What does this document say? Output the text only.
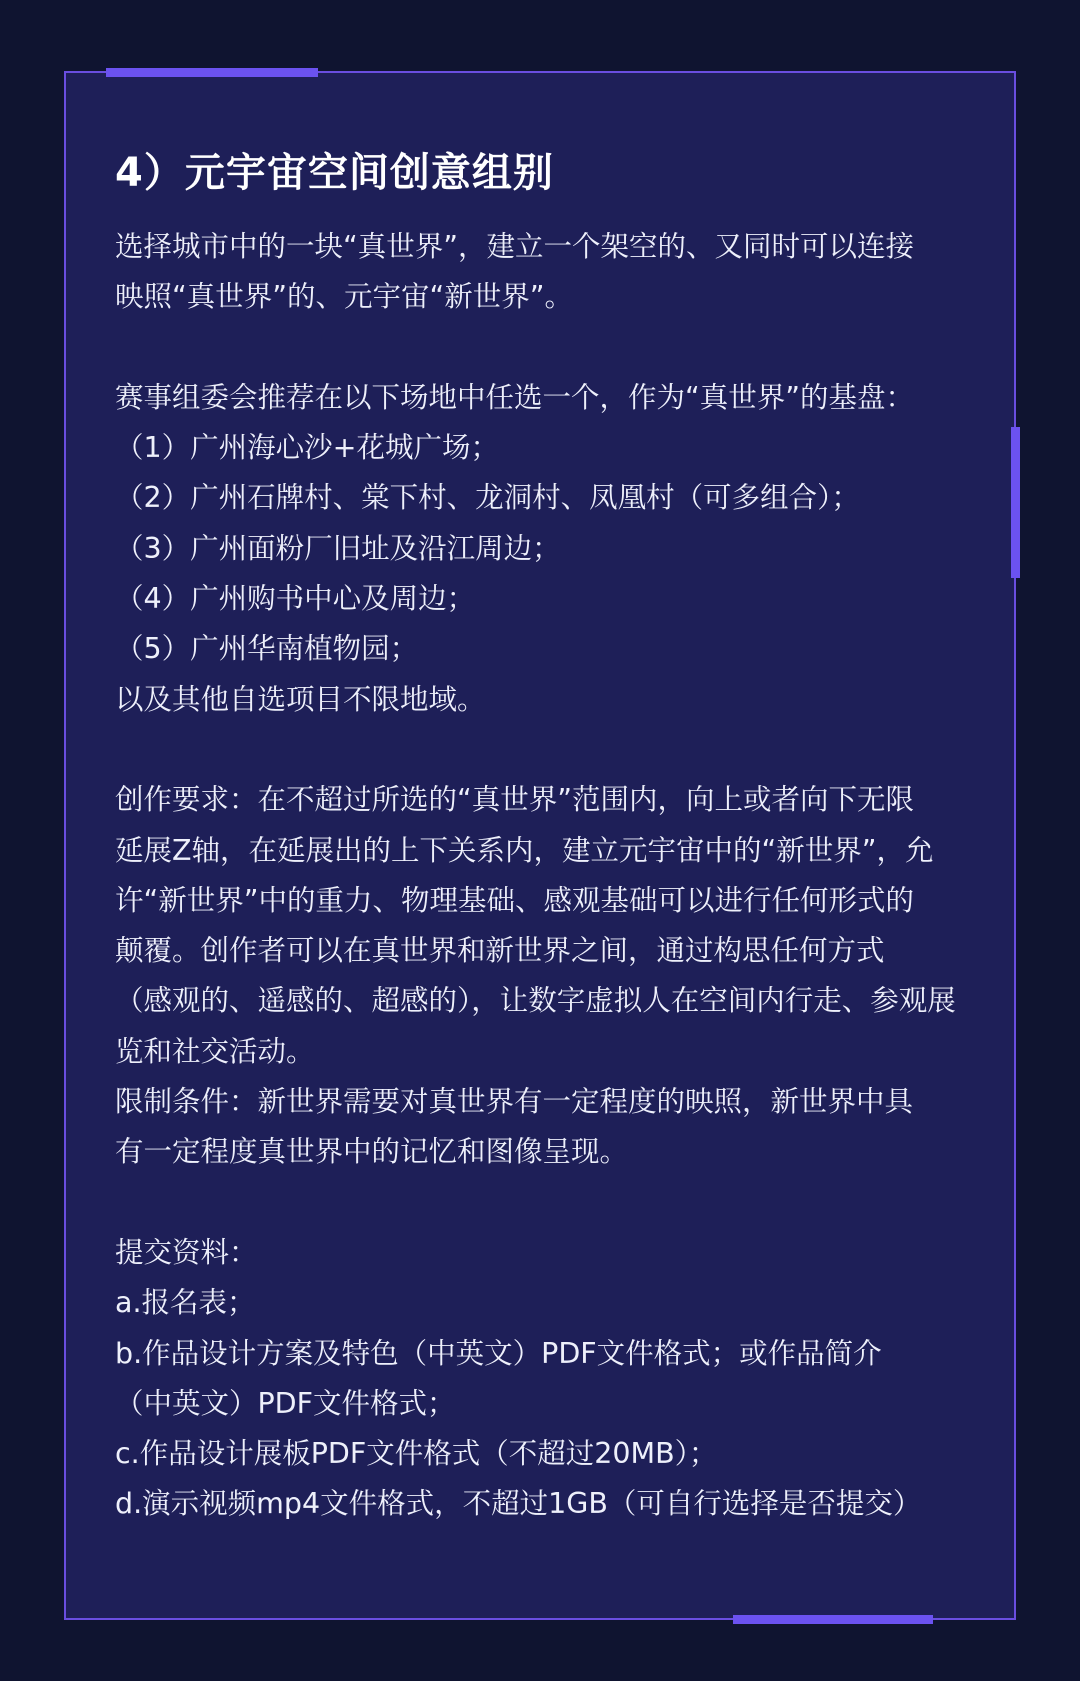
4）元宇宙空间创意组别
选择城市中的一块“真世界”，建立一个架空的、又同时可以连接
映照“真世界”的、元宇宙“新世界”。
赛事组委会推荐在以下场地中任选一个，作为“真世界”的基盘：
（1）广州海心沙+花城广场；
（2）广州石牌村、棠下村、龙洞村、凤凰村（可多组合）；
（3）广州面粉厂旧址及沿江周边；
（4）广州购书中心及周边；
（5）广州华南植物园；
以及其他自选项目不限地域。
创作要求：在不超过所选的“真世界”范围内，向上或者向下无限
延展Z轴，在延展出的上下关系内，建立元宇宙中的“新世界”，允
许“新世界”中的重力、物理基础、感观基础可以进行任何形式的
颠覆。创作者可以在真世界和新世界之间，通过构思任何方式
（感观的、遥感的、超感的），让数字虚拟人在空间内行走、参观展
览和社交活动。
限制条件：新世界需要对真世界有一定程度的映照，新世界中具
有一定程度真世界中的记忆和图像呈现。
提交资料：
a.报名表；
b.作品设计方案及特色（中英文）PDF文件格式；或作品简介
（中英文）PDF文件格式；
c.作品设计展板PDF文件格式（不超过20MB）；
d.演示视频mp4文件格式，不超过1GB（可自行选择是否提交）
